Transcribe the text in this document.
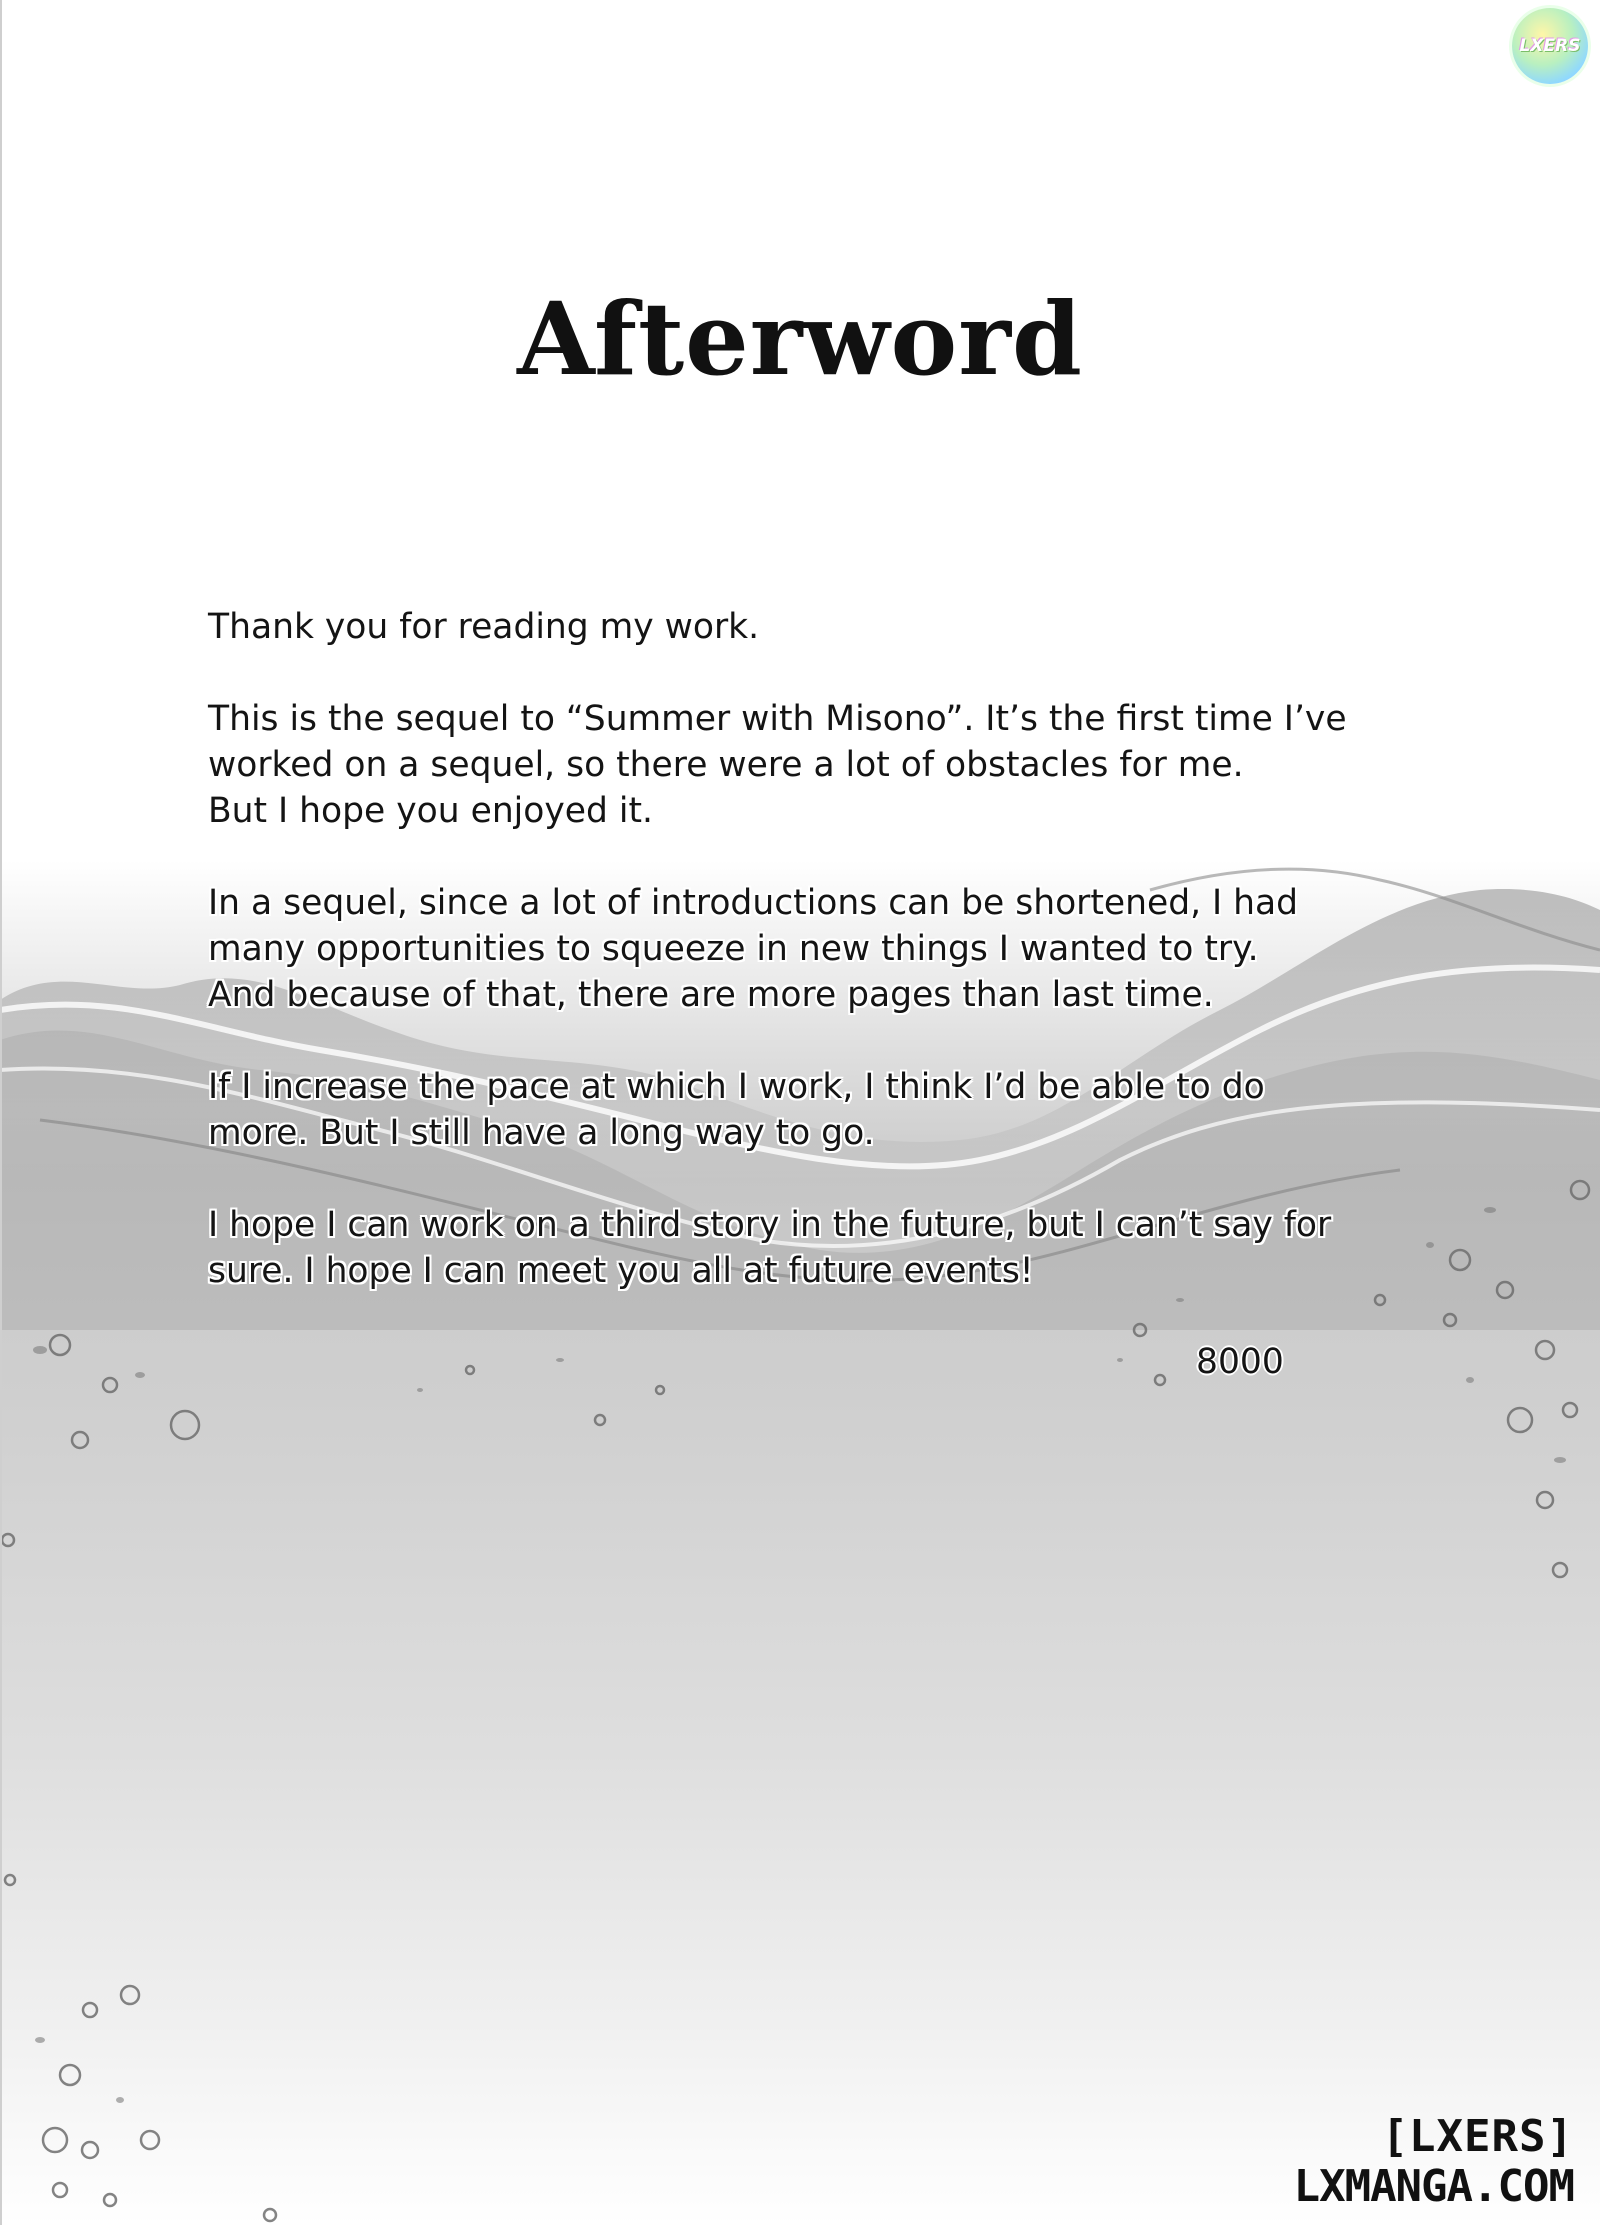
LXERS
Afterword

Thank you for reading my work.

This is the sequel to “Summer with Misono”. It’s the first time I’ve
worked on a sequel, so there were a lot of obstacles for me.
But I hope you enjoyed it.

In a sequel, since a lot of introductions can be shortened, I had
many opportunities to squeeze in new things I wanted to try.
And because of that, there are more pages than last time.

If I increase the pace at which I work, I think I’d be able to do
more. But I still have a long way to go.

I hope I can work on a third story in the future, but I can’t say for
sure. I hope I can meet you all at future events!

8000
[LXERS]
LXMANGA.COM
